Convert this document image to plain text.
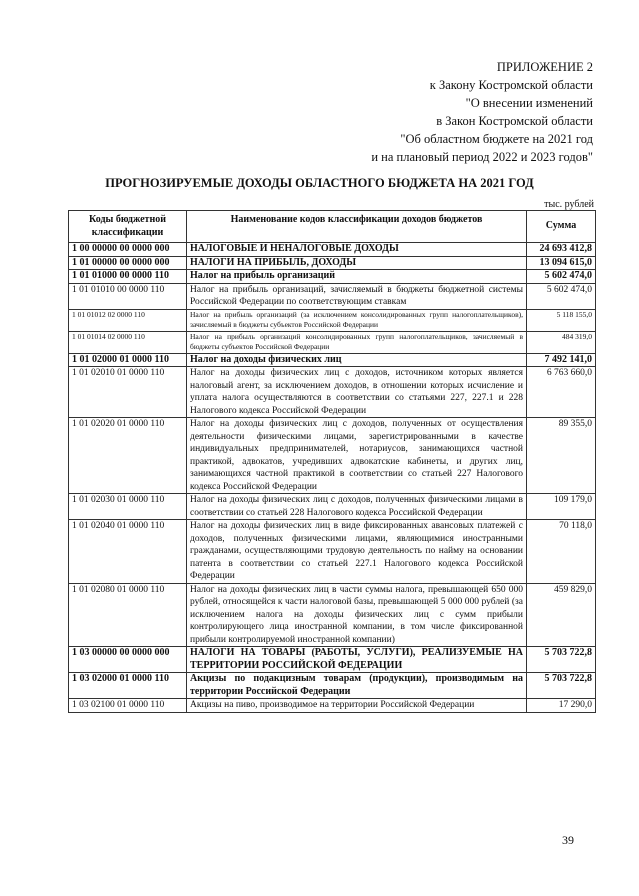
ПРИЛОЖЕНИЕ 2
к Закону Костромской области
"О внесении изменений
в Закон Костромской области
"Об областном бюджете на 2021 год
и на плановый период 2022 и 2023 годов"
ПРОГНОЗИРУЕМЫЕ ДОХОДЫ ОБЛАСТНОГО БЮДЖЕТА НА 2021 ГОД
тыс. рублей
Коды бюджетной классификации	Наименование кодов классификации доходов бюджетов	Сумма
1 00 00000 00 0000 000	НАЛОГОВЫЕ И НЕНАЛОГОВЫЕ ДОХОДЫ	24 693 412,8
1 01 00000 00 0000 000	НАЛОГИ НА ПРИБЫЛЬ, ДОХОДЫ	13 094 615,0
1 01 01000 00 0000 110	Налог на прибыль организаций	5 602 474,0
1 01 01010 00 0000 110	Налог на прибыль организаций, зачисляемый в бюджеты бюджетной системы Российской Федерации по соответствующим ставкам	5 602 474,0
1 01 01012 02 0000 110	Налог на прибыль организаций (за исключением консолидированных групп налогоплательщиков), зачисляемый в бюджеты субъектов Российской Федерации	5 118 155,0
1 01 01014 02 0000 110	Налог на прибыль организаций консолидированных групп налогоплательщиков, зачисляемый в бюджеты субъектов Российской Федерации	484 319,0
1 01 02000 01 0000 110	Налог на доходы физических лиц	7 492 141,0
1 01 02010 01 0000 110	Налог на доходы физических лиц с доходов, источником которых является налоговый агент, за исключением доходов, в отношении которых исчисление и уплата налога осуществляются в соответствии со статьями 227, 227.1 и 228 Налогового кодекса Российской Федерации	6 763 660,0
1 01 02020 01 0000 110	Налог на доходы физических лиц с доходов, полученных от осуществления деятельности физическими лицами, зарегистрированными в качестве индивидуальных предпринимателей, нотариусов, занимающихся частной практикой, адвокатов, учредивших адвокатские кабинеты, и других лиц, занимающихся частной практикой в соответствии со статьей 227 Налогового кодекса Российской Федерации	89 355,0
1 01 02030 01 0000 110	Налог на доходы физических лиц с доходов, полученных физическими лицами в соответствии со статьей 228 Налогового кодекса Российской Федерации	109 179,0
1 01 02040 01 0000 110	Налог на доходы физических лиц в виде фиксированных авансовых платежей с доходов, полученных физическими лицами, являющимися иностранными гражданами, осуществляющими трудовую деятельность по найму на основании патента в соответствии со статьей 227.1 Налогового кодекса Российской Федерации	70 118,0
1 01 02080 01 0000 110	Налог на доходы физических лиц в части суммы налога, превышающей 650 000 рублей, относящейся к части налоговой базы, превышающей 5 000 000 рублей (за исключением налога на доходы физических лиц с сумм прибыли контролирующего лица иностранной компании, в том числе фиксированной прибыли контролируемой иностранной компании)	459 829,0
1 03 00000 00 0000 000	НАЛОГИ НА ТОВАРЫ (РАБОТЫ, УСЛУГИ), РЕАЛИЗУЕМЫЕ НА ТЕРРИТОРИИ РОССИЙСКОЙ ФЕДЕРАЦИИ	5 703 722,8
1 03 02000 01 0000 110	Акцизы по подакцизным товарам (продукции), производимым на территории Российской Федерации	5 703 722,8
1 03 02100 01 0000 110	Акцизы на пиво, производимое на территории Российской Федерации	17 290,0
39
